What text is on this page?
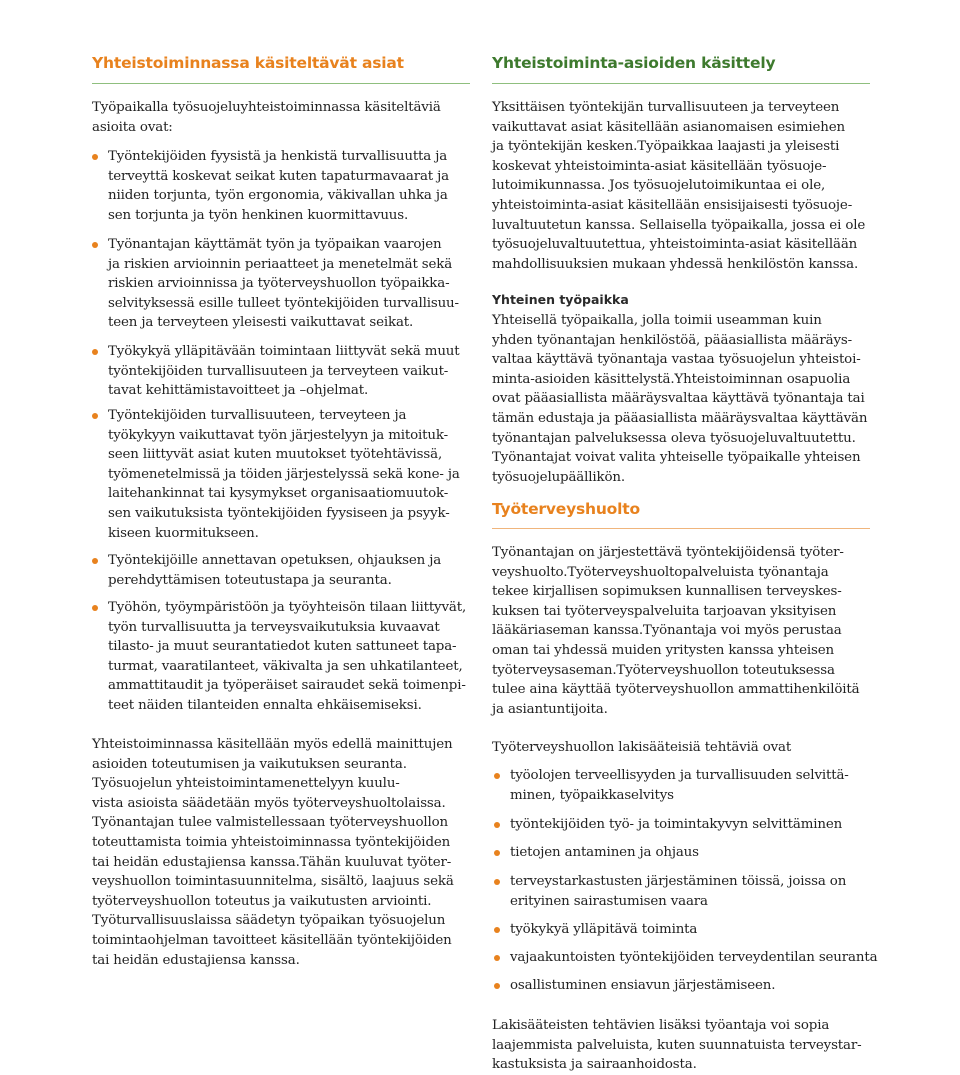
Yhteistoiminnassa käsiteltävät asiat
Työpaikalla työsuojeluyhteistoiminnassa käsiteltäviä
asioita ovat:
Työntekijöiden fyysistä ja henkistä turvallisuutta ja
terveyttä koskevat seikat kuten tapaturmavaarat ja
niiden torjunta, työn ergonomia, väkivallan uhka ja
sen torjunta ja työn henkinen kuormittavuus.
Työnantajan käyttämät työn ja työpaikan vaarojen
ja riskien arvioinnin periaatteet ja menetelmät sekä
riskien arvioinnissa ja työterveyshuollon työpaikka-
selvityksessä esille tulleet työntekijöiden turvallisuu-
teen ja terveyteen yleisesti vaikuttavat seikat.
Työkykyä ylläpitävään toimintaan liittyvät sekä muut
työntekijöiden turvallisuuteen ja terveyteen vaikut-
tavat kehittämistavoitteet ja –ohjelmat.
Työntekijöiden turvallisuuteen, terveyteen ja
työkykyyn vaikuttavat työn järjestelyyn ja mitoituk-
seen liittyvät asiat kuten muutokset työtehtävissä,
työmenetelmissä ja töiden järjestelyssä sekä kone- ja
laitehankinnat tai kysymykset organisaatiomuutok-
sen vaikutuksista työntekijöiden fyysiseen ja psyyk-
kiseen kuormitukseen.
Työntekijöille annettavan opetuksen, ohjauksen ja
perehdyttämisen toteutustapa ja seuranta.
Työhön, työympäristöön ja työyhteisön tilaan liittyvät,
työn turvallisuutta ja terveysvaikutuksia kuvaavat
tilasto- ja muut seurantatiedot kuten sattuneet tapa-
turmat, vaaratilanteet, väkivalta ja sen uhkatilanteet,
ammattitaudit ja työperäiset sairaudet sekä toimenpi-
teet näiden tilanteiden ennalta ehkäisemiseksi.
Yhteistoiminnassa käsitellään myös edellä mainittujen
asioiden toteutumisen ja vaikutuksen seuranta.
Työsuojelun yhteistoimintamenettelyyn kuulu-
vista asioista säädetään myös työterveyshuoltolaissa.
Työnantajan tulee valmistellessaan työterveyshuollon
toteuttamista toimia yhteistoiminnassa työntekijöiden
tai heidän edustajiensa kanssa.Tähän kuuluvat työter-
veyshuollon toimintasuunnitelma, sisältö, laajuus sekä
työterveyshuollon toteutus ja vaikutusten arviointi.
Työturvallisuuslaissa säädetyn työpaikan työsuojelun
toimintaohjelman tavoitteet käsitellään työntekijöiden
tai heidän edustajiensa kanssa.
Yhteistoiminta-asioiden käsittely
Yksittäisen työntekijän turvallisuuteen ja terveyteen
vaikuttavat asiat käsitellään asianomaisen esimiehen
ja työntekijän kesken.Työpaikkaa laajasti ja yleisesti
koskevat yhteistoiminta-asiat käsitellään työsuoje-
lutoimikunnassa. Jos työsuojelutoimikuntaa ei ole,
yhteistoiminta-asiat käsitellään ensisijaisesti työsuoje-
luvaltuutetun kanssa. Sellaisella työpaikalla, jossa ei ole
työsuojeluvaltuutettua, yhteistoiminta-asiat käsitellään
mahdollisuuksien mukaan yhdessä henkilöstön kanssa.
Yhteinen työpaikka
Yhteisellä työpaikalla, jolla toimii useamman kuin
yhden työnantajan henkilöstöä, pääasiallista määräys-
valtaa käyttävä työnantaja vastaa työsuojelun yhteistoi-
minta-asioiden käsittelystä.Yhteistoiminnan osapuolia
ovat pääasiallista määräysvaltaa käyttävä työnantaja tai
tämän edustaja ja pääasiallista määräysvaltaa käyttävän
työnantajan palveluksessa oleva työsuojeluvaltuutettu.
Työnantajat voivat valita yhteiselle työpaikalle yhteisen
työsuojelupäällikön.
Työterveyshuolto
Työnantajan on järjestettävä työntekijöidensä työter-
veyshuolto.Työterveyshuoltopalveluista työnantaja
tekee kirjallisen sopimuksen kunnallisen terveyskes-
kuksen tai työterveyspalveluita tarjoavan yksityisen
lääkäriaseman kanssa.Työnantaja voi myös perustaa
oman tai yhdessä muiden yritysten kanssa yhteisen
työterveysaseman.Työterveyshuollon toteutuksessa
tulee aina käyttää työterveyshuollon ammattihenkilöitä
ja asiantuntijoita.
Työterveyshuollon lakisääteisiä tehtäviä ovat
työolojen terveellisyyden ja turvallisuuden selvittä-
minen, työpaikkaselvitys
työntekijöiden työ- ja toimintakyvyn selvittäminen
tietojen antaminen ja ohjaus
terveystarkastusten järjestäminen töissä, joissa on
erityinen sairastumisen vaara
työkykyä ylläpitävä toiminta
vajaakuntoisten työntekijöiden terveydentilan seuranta
osallistuminen ensiavun järjestämiseen.
Lakisääteisten tehtävien lisäksi työantaja voi sopia
laajemmista palveluista, kuten suunnatuista terveystar-
kastuksista ja sairaanhoidosta.
